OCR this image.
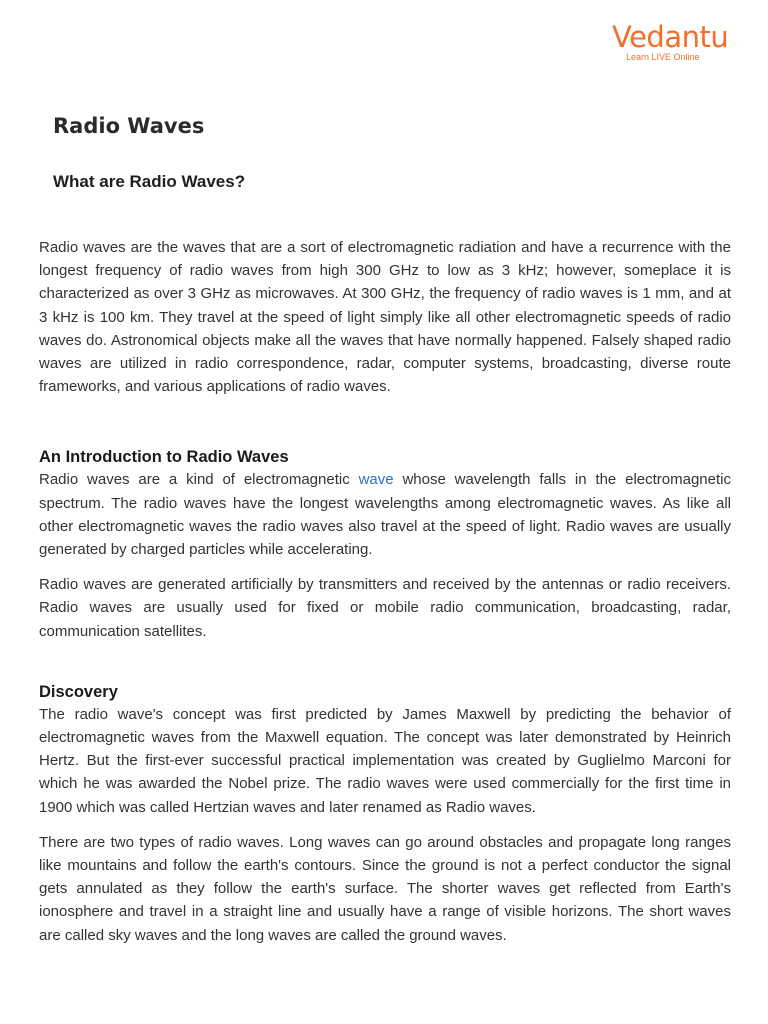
Vedantu
Learn LIVE Online
Radio Waves
What are Radio Waves?

Radio waves are the waves that are a sort of electromagnetic radiation and have a recurrence with the longest frequency of radio waves from high 300 GHz to low as 3 kHz; however, someplace it is characterized as over 3 GHz as microwaves. At 300 GHz, the frequency of radio waves is 1 mm, and at 3 kHz is 100 km. They travel at the speed of light simply like all other electromagnetic speeds of radio waves do. Astronomical objects make all the waves that have normally happened. Falsely shaped radio waves are utilized in radio correspondence, radar, computer systems, broadcasting, diverse route frameworks, and various applications of radio waves.

An Introduction to Radio Waves

Radio waves are a kind of electromagnetic wave whose wavelength falls in the electromagnetic spectrum. The radio waves have the longest wavelengths among electromagnetic waves. As like all other electromagnetic waves the radio waves also travel at the speed of light. Radio waves are usually generated by charged particles while accelerating.

Radio waves are generated artificially by transmitters and received by the antennas or radio receivers. Radio waves are usually used for fixed or mobile radio communication, broadcasting, radar, communication satellites.

Discovery

The radio wave's concept was first predicted by James Maxwell by predicting the behavior of electromagnetic waves from the Maxwell equation. The concept was later demonstrated by Heinrich Hertz. But the first-ever successful practical implementation was created by Guglielmo Marconi for which he was awarded the Nobel prize. The radio waves were used commercially for the first time in 1900 which was called Hertzian waves and later renamed as Radio waves.

There are two types of radio waves. Long waves can go around obstacles and propagate long ranges like mountains and follow the earth's contours. Since the ground is not a perfect conductor the signal gets annulated as they follow the earth's surface. The shorter waves get reflected from Earth's ionosphere and travel in a straight line and usually have a range of visible horizons. The short waves are called sky waves and the long waves are called the ground waves.
